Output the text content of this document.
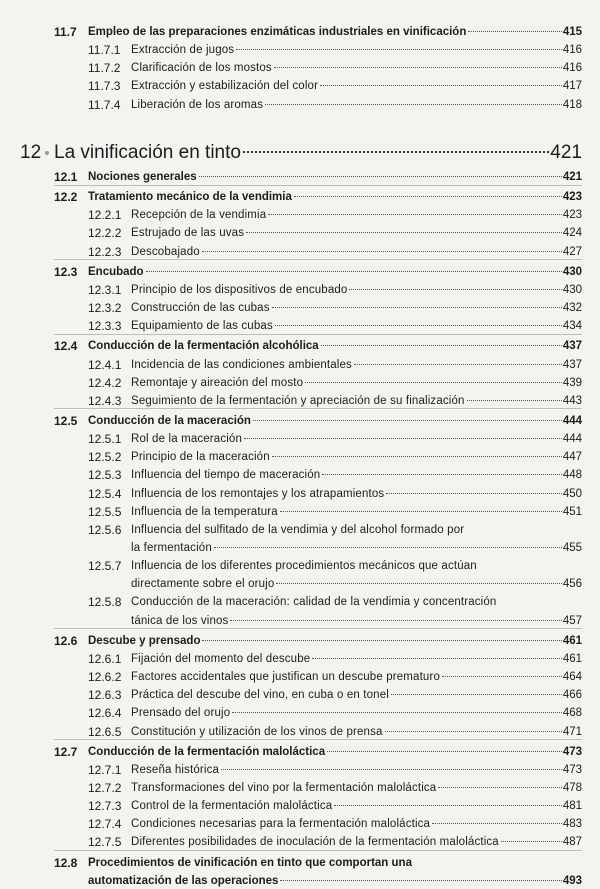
11.7 Empleo de las preparaciones enzimáticas industriales en vinificación	415
11.7.1 Extracción de jugos	416
11.7.2 Clarificación de los mostos	416
11.7.3 Extracción y estabilización del color	417
11.7.4 Liberación de los aromas	418
12 La vinificación en tinto	421
12.1 Nociones generales	421
12.2 Tratamiento mecánico de la vendimia	423
12.2.1 Recepción de la vendimia	423
12.2.2 Estrujado de las uvas	424
12.2.3 Descobajado	427
12.3 Encubado	430
12.3.1 Principio de los dispositivos de encubado	430
12.3.2 Construcción de las cubas	432
12.3.3 Equipamiento de las cubas	434
12.4 Conducción de la fermentación alcohólica	437
12.4.1 Incidencia de las condiciones ambientales	437
12.4.2 Remontaje y aireación del mosto	439
12.4.3 Seguimiento de la fermentación y apreciación de su finalización	443
12.5 Conducción de la maceración	444
12.5.1 Rol de la maceración	444
12.5.2 Principio de la maceración	447
12.5.3 Influencia del tiempo de maceración	448
12.5.4 Influencia de los remontajes y los atrapamientos	450
12.5.5 Influencia de la temperatura	451
12.5.6 Influencia del sulfitado de la vendimia y del alcohol formado por
la fermentación	455
12.5.7 Influencia de los diferentes procedimientos mecánicos que actúan
directamente sobre el orujo	456
12.5.8 Conducción de la maceración: calidad de la vendimia y concentración
tánica de los vinos	457
12.6 Descube y prensado	461
12.6.1 Fijación del momento del descube	461
12.6.2 Factores accidentales que justifican un descube prematuro	464
12.6.3 Práctica del descube del vino, en cuba o en tonel	466
12.6.4 Prensado del orujo	468
12.6.5 Constitución y utilización de los vinos de prensa	471
12.7 Conducción de la fermentación maloláctica	473
12.7.1 Reseña histórica	473
12.7.2 Transformaciones del vino por la fermentación maloláctica	478
12.7.3 Control de la fermentación maloláctica	481
12.7.4 Condiciones necesarias para la fermentación maloláctica	483
12.7.5 Diferentes posibilidades de inoculación de la fermentación maloláctica	487
12.8 Procedimientos de vinificación en tinto que comportan una
automatización de las operaciones	493
